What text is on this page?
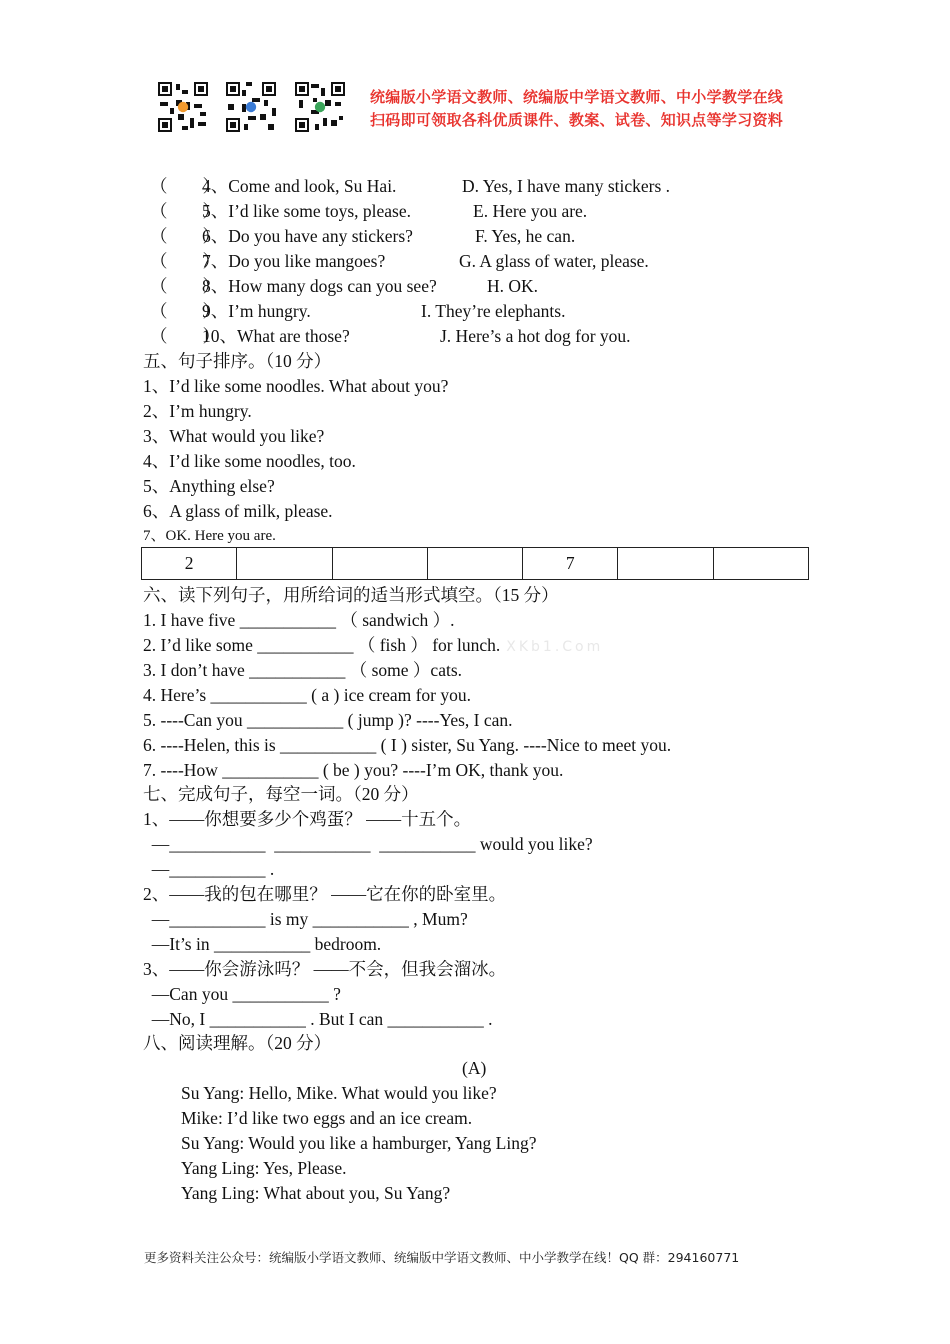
统编版小学语文教师、统编版中学语文教师、中小学教学在线
扫码即可领取各科优质课件、教案、试卷、知识点等学习资料
（　　）4、Come and look, Su Hai.	D. Yes, I have many stickers .
（　　）5、I’d like some toys, please.	E. Here you are.
（　　）6、Do you have any stickers?	F. Yes, he can.
（　　）7、Do you like mangoes?	G. A glass of water, please.
（　　）8、How many dogs can you see?	H. OK.
（　　）9、I’m hungry.	I. They’re elephants.
（　　）10、What are those?	J. Here’s a hot dog for you.
五、句子排序。（10 分）
1、I’d like some noodles. What about you?
2、I’m hungry.
3、What would you like?
4、I’d like some noodles, too.
5、Anything else?
6、A glass of milk, please.
7、OK. Here you are.
2				7		
六、读下列句子，用所给词的适当形式填空。（15 分）
1. I have five ___________ （ sandwich ）.
2. I’d like some ___________ （ fish ） for lunch. XKb1.Com
3. I don’t have ___________ （ some ）cats.
4. Here’s ___________ ( a ) ice cream for you.
5. ----Can you ___________ ( jump )? ----Yes, I can.
6. ----Helen, this is ___________ ( I ) sister, Su Yang. ----Nice to meet you.
7. ----How ___________ ( be ) you? ----I’m OK, thank you.
七、完成句子，每空一词。（20 分）
1、——你想要多少个鸡蛋？ ——十五个。
—___________  ___________  ___________ would you like?
—___________ .
2、——我的包在哪里？ ——它在你的卧室里。
—___________ is my ___________ , Mum?
—It’s in ___________ bedroom.
3、——你会游泳吗？ ——不会，但我会溜冰。
—Can you ___________ ?
—No, I ___________ . But I can ___________ .
八、阅读理解。（20 分）
(A)
Su Yang: Hello, Mike. What would you like?
Mike: I’d like two eggs and an ice cream.
Su Yang: Would you like a hamburger, Yang Ling?
Yang Ling: Yes, Please.
Yang Ling: What about you, Su Yang?
更多资料关注公众号：统编版小学语文教师、统编版中学语文教师、中小学教学在线！QQ 群：294160771
